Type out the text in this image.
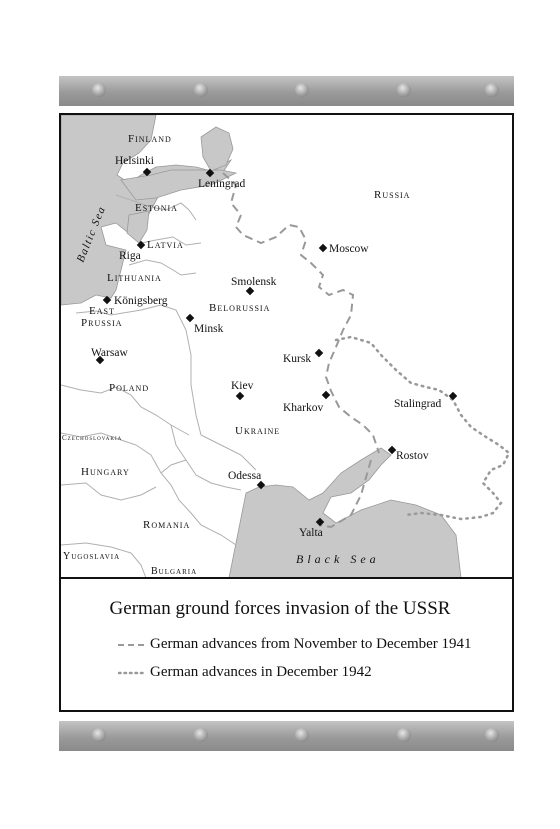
Finland
Russia
Estonia
Latvia
Lithuania
East
Prussia
Belorussia
Poland
Ukraine
Czechoslovakia
Hungary
Romania
Yugoslavia
Bulgaria
Baltic Sea
Black Sea
Helsinki
Leningrad
Moscow
Riga
Smolensk
Königsberg
Minsk
Warsaw	Kursk
Kiev
Kharkov	Stalingrad
Rostov
Odessa
Yalta
German ground forces invasion of the USSR
German advances from November to December 1941
German advances in December 1942
